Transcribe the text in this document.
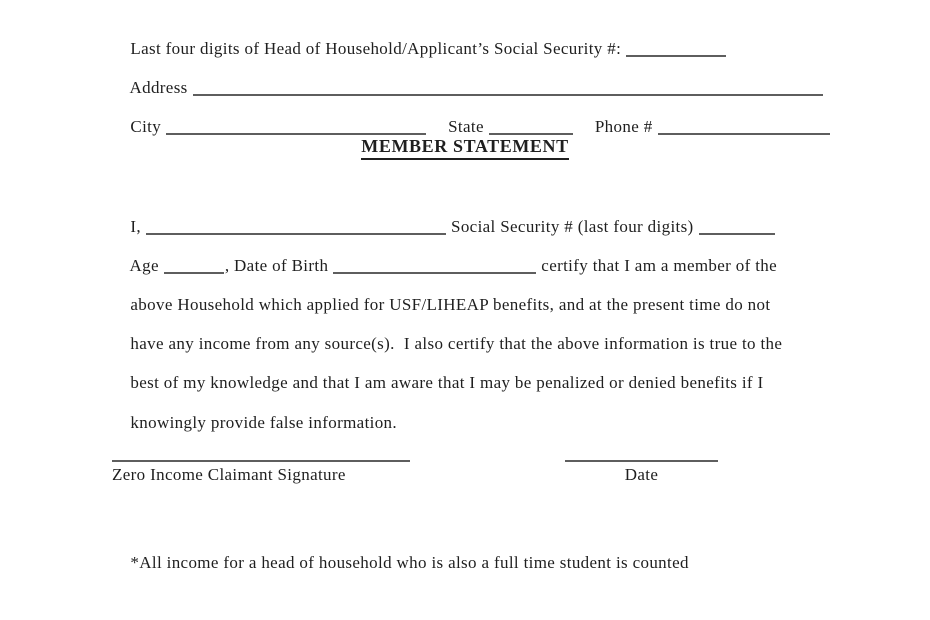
Last four digits of Head of Household/Applicant’s Social Security #:

Address

City	State	Phone #

MEMBER STATEMENT

I,	Social Security # (last four digits)

Age	, Date of Birth	certify that I am a member of the

above Household which applied for USF/LIHEAP benefits, and at the present time do not

have any income from any source(s).  I also certify that the above information is true to the

best of my knowledge and that I am aware that I may be penalized or denied benefits if I

knowingly provide false information.

Zero Income Claimant Signature	Date

*All income for a head of household who is also a full time student is counted
